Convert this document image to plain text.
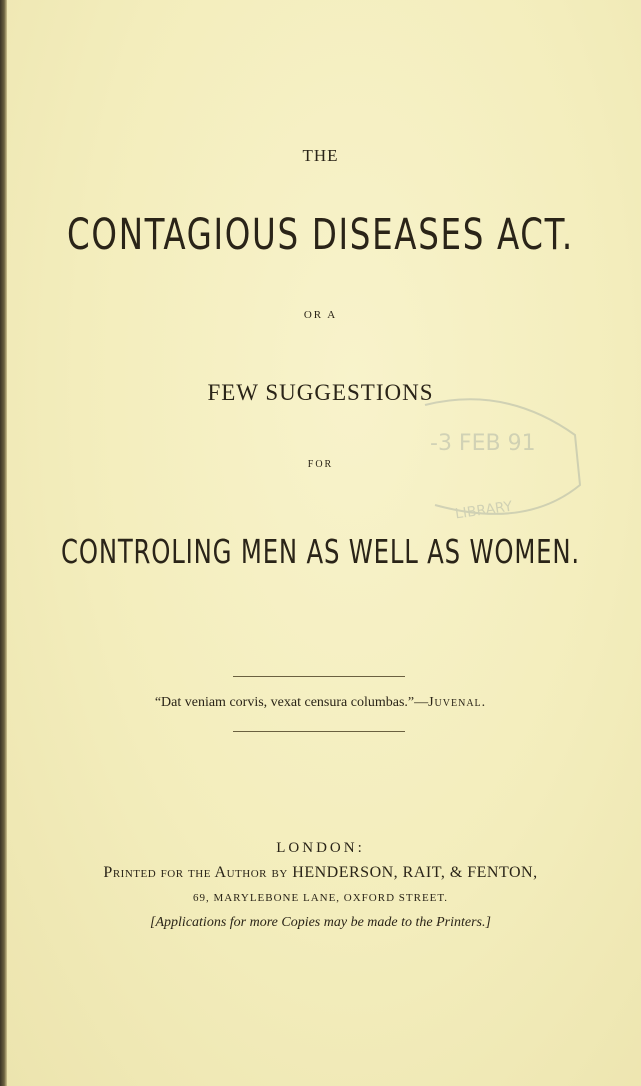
-3 FEB 91
LIBRARY
THE
CONTAGIOUS DISEASES ACT.
OR A
FEW SUGGESTIONS
FOR
CONTROLING MEN AS WELL AS WOMEN.
“Dat veniam corvis, vexat censura columbas.”—Juvenal.
LONDON:
Printed for the Author by HENDERSON, RAIT, & FENTON,
69, MARYLEBONE LANE, OXFORD STREET.
[Applications for more Copies may be made to the Printers.]
